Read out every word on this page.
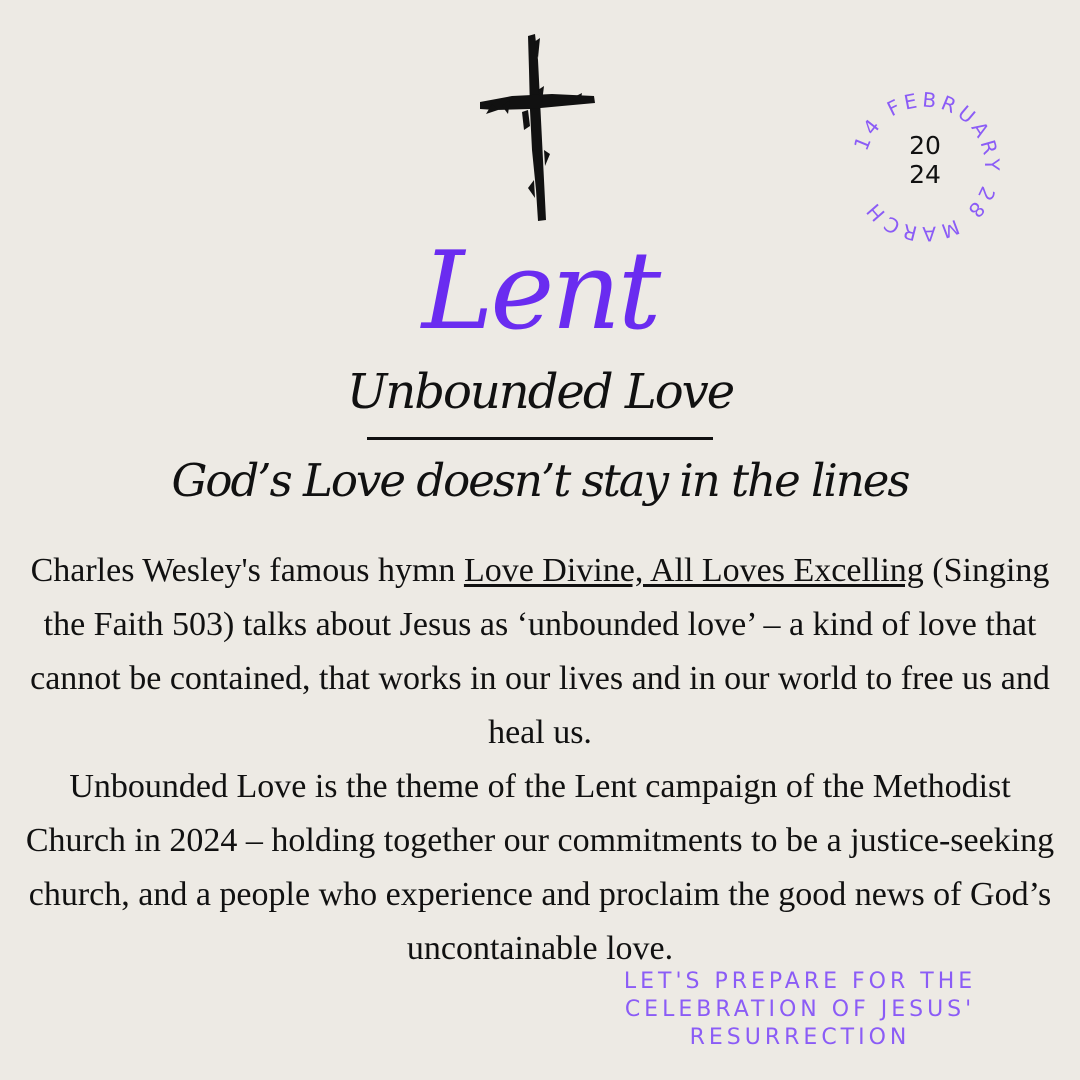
14 FEBRUARY 28 MARCH
20
24
Lent
Unbounded Love
God’s Love doesn’t stay in the lines

Charles Wesley's famous hymn Love Divine, All Loves Excelling (Singing the Faith 503) talks about Jesus as ‘unbounded love’ – a kind of love that cannot be contained, that works in our lives and in our world to free us and heal us.

Unbounded Love is the theme of the Lent campaign of the Methodist Church in 2024 – holding together our commitments to be a justice-seeking church, and a people who experience and proclaim the good news of God’s uncontainable love.

LET'S PREPARE FOR THE
CELEBRATION OF JESUS'
RESURRECTION
